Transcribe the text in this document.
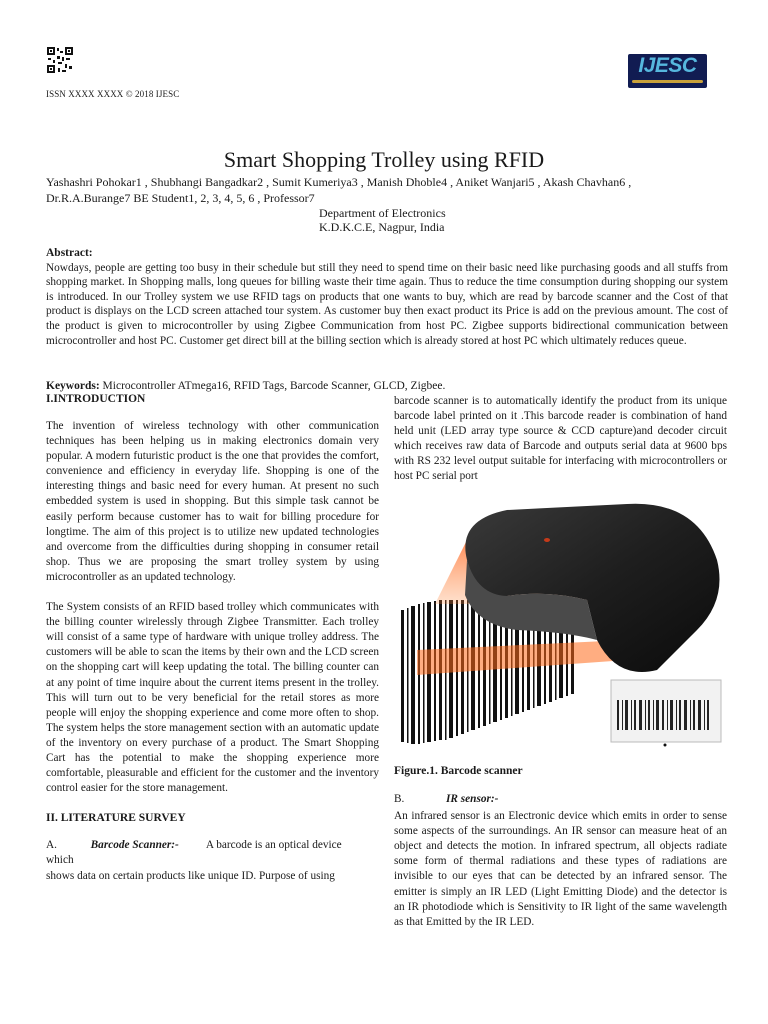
ISSN XXXX XXXX © 2018 IJESC
IJESC
Smart Shopping Trolley using RFID
Yashashri Pohokar1 , Shubhangi Bangadkar2 , Sumit Kumeriya3 , Manish Dhoble4 , Aniket Wanjari5 , Akash Chavhan6 ,
Dr.R.A.Burange7 BE Student1, 2, 3, 4, 5, 6 , Professor7
Department of Electronics
K.D.K.C.E, Nagpur, India
Abstract:
Nowdays, people are getting too busy in their schedule but still they need to spend time on their basic need like purchasing goods and all stuffs from shopping market. In Shopping malls, long queues for billing waste their time again. Thus to reduce the time consumption during shopping our system is introduced. In our Trolley system we use RFID tags on products that one wants to buy, which are read by barcode scanner and the Cost of that product is displays on the LCD screen attached tour system. As customer buy then exact product its Price is add on the previous amount. The cost of the product is given to microcontroller by using Zigbee Communication from host PC. Zigbee supports bidirectional communication between microcontroller and host PC. Customer get direct bill at the billing section which is already stored at host PC which ultimately reduces queue.
Keywords: Microcontroller ATmega16, RFID Tags, Barcode Scanner, GLCD, Zigbee.
I.INTRODUCTION

The invention of wireless technology with other communication techniques has been helping us in making electronics domain very popular. A modern futuristic product is the one that provides the comfort, convenience and efficiency in everyday life. Shopping is one of the interesting things and basic need for every human. At present no such embedded system is used in shopping. But this simple task cannot be easily perform because customer has to wait for billing procedure for longtime. The aim of this project is to utilize new updated technologies and overcome from the difficulties during shopping in consumer retail shop. Thus we are proposing the smart trolley system by using microcontroller as an updated technology.

The System consists of an RFID based trolley which communicates with the billing counter wirelessly through Zigbee Transmitter. Each trolley will consist of a same type of hardware with unique trolley address. The customers will be able to scan the items by their own and the LCD screen on the shopping cart will keep updating the total. The billing counter can at any point of time inquire about the current items present in the trolley. This will turn out to be very beneficial for the retail stores as more people will enjoy the shopping experience and come more often to shop. The system helps the store management section with an automatic update of the inventory on every purchase of a product. The Smart Shopping Cart has the potential to make the shopping experience more comfortable, pleasurable and efficient for the customer and the inventory control easier for the store management.

II. LITERATURE SURVEY
A.	Barcode Scanner:- A barcode is an optical device
which
shows data on certain products like unique ID. Purpose of using

barcode scanner is to automatically identify the product from its unique barcode label printed on it .This barcode reader is combination of hand held unit (LED array type source & CCD capture)and decoder circuit which receives raw data of Barcode and outputs serial data at 9600 bps with RS 232 level output suitable for interfacing with microcontrollers or host PC serial port

Figure.1. Barcode scanner
B.	IR sensor:-
An infrared sensor is an Electronic device which emits in order to sense some aspects of the surroundings. An IR sensor can measure heat of an object and detects the motion. In infrared spectrum, all objects radiate some form of thermal radiations and these types of radiations are invisible to our eyes that can be detected by an infrared sensor. The emitter is simply an IR LED (Light Emitting Diode) and the detector is an IR photodiode which is Sensitivity to IR light of the same wavelength as that Emitted by the IR LED.
